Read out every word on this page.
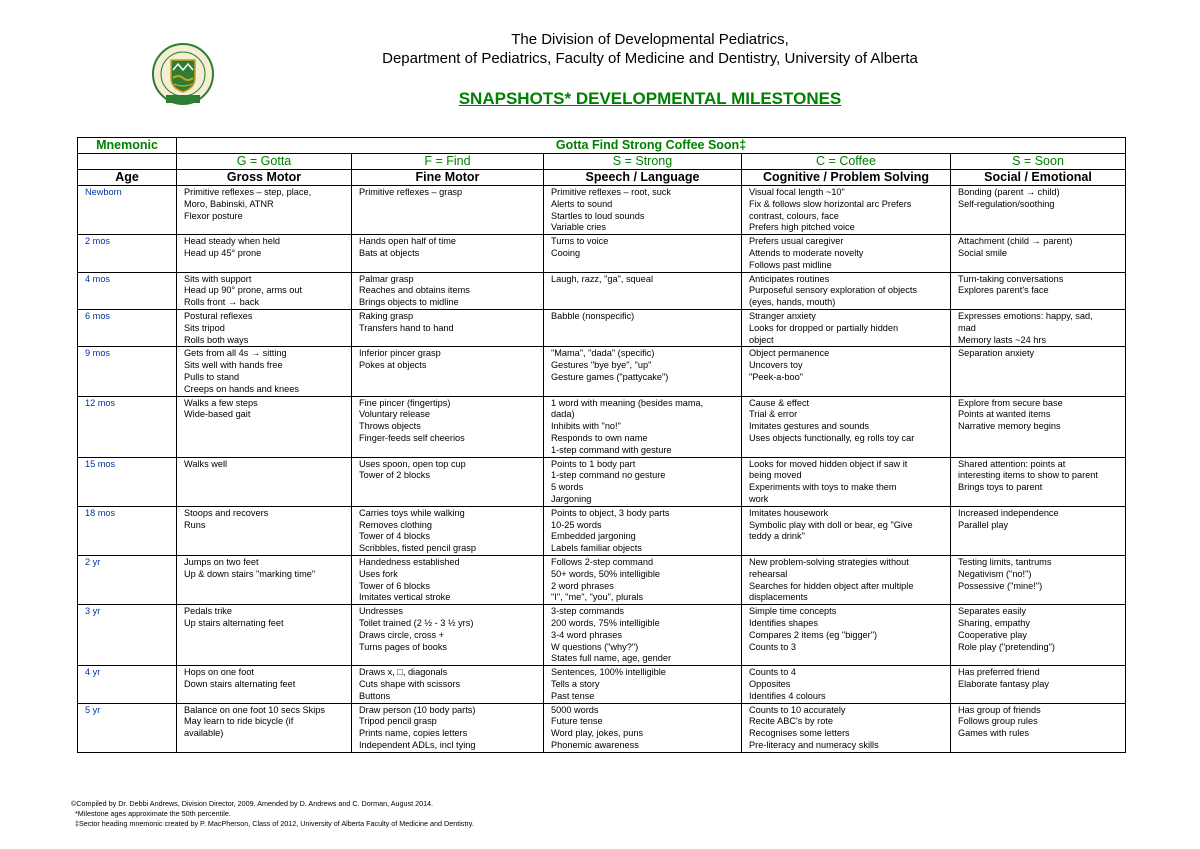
The Division of Developmental Pediatrics,
Department of Pediatrics, Faculty of Medicine and Dentistry, University of Alberta
SNAPSHOTS* DEVELOPMENTAL MILESTONES
Mnemonic	Gotta Find Strong Coffee Soon‡				
	G = Gotta	F = Find	S = Strong	C = Coffee	S = Soon
Age	Gross Motor	Fine Motor	Speech / Language	Cognitive / Problem Solving	Social / Emotional
Newborn	Primitive reflexes – step, place,
Moro, Babinski, ATNR
Flexor posture	Primitive reflexes – grasp	Primitive reflexes – root, suck
Alerts to sound
Startles to loud sounds
Variable cries	Visual focal length ~10"
Fix & follows slow horizontal arc Prefers
contrast, colours, face
Prefers high pitched voice	Bonding (parent → child)
Self-regulation/soothing

2 mos	Head steady when held
Head up 45° prone	Hands open half of time
Bats at objects	Turns to voice
Cooing	Prefers usual caregiver
Attends to moderate novelty
Follows past midline	Attachment (child → parent)
Social smile

4 mos	Sits with support
Head up 90° prone, arms out
Rolls front → back	Palmar grasp
Reaches and obtains items
Brings objects to midline	Laugh, razz, "ga", squeal	Anticipates routines
Purposeful sensory exploration of objects
(eyes, hands, mouth)	Turn-taking conversations
Explores parent's face

6 mos	Postural reflexes
Sits tripod
Rolls both ways	Raking grasp
Transfers hand to hand	Babble (nonspecific)	Stranger anxiety
Looks for dropped or partially hidden
object	Expresses emotions: happy, sad,
mad
Memory lasts ~24 hrs

9 mos	Gets from all 4s → sitting
Sits well with hands free
Pulls to stand
Creeps on hands and knees	Inferior pincer grasp
Pokes at objects	"Mama", "dada" (specific)
Gestures "bye bye", "up"
Gesture games ("pattycake")	Object permanence
Uncovers toy
"Peek-a-boo"	Separation anxiety

12 mos	Walks a few steps
Wide-based gait	Fine pincer (fingertips)
Voluntary release
Throws objects
Finger-feeds self cheerios	1 word with meaning (besides mama,
dada)
Inhibits with "no!"
Responds to own name
1-step command with gesture	Cause & effect
Trial & error
Imitates gestures and sounds
Uses objects functionally, eg rolls toy car	Explore from secure base
Points at wanted items
Narrative memory begins

15 mos	Walks well	Uses spoon, open top cup
Tower of 2 blocks	Points to 1 body part
1-step command no gesture
5 words
Jargoning	Looks for moved hidden object if saw it
being moved
Experiments with toys to make them
work	Shared attention: points at
interesting items to show to parent
Brings toys to parent

18 mos	Stoops and recovers
Runs	Carries toys while walking
Removes clothing
Tower of 4 blocks
Scribbles, fisted pencil grasp	Points to object, 3 body parts
10-25 words
Embedded jargoning
Labels familiar objects	Imitates housework
Symbolic play with doll or bear, eg "Give
teddy a drink"	Increased independence
Parallel play

2 yr	Jumps on two feet
Up & down stairs "marking time"	Handedness established
Uses fork
Tower of 6 blocks
Imitates vertical stroke	Follows 2-step command
50+ words, 50% intelligible
2 word phrases
"I", "me", "you", plurals	New problem-solving strategies without
rehearsal
Searches for hidden object after multiple
displacements	Testing limits, tantrums
Negativism ("no!")
Possessive ("mine!")

3 yr	Pedals trike
Up stairs alternating feet	Undresses
Toilet trained (2 ½ - 3 ½ yrs)
Draws circle, cross +
Turns pages of books	3-step commands
200 words, 75% intelligible
3-4 word phrases
W questions ("why?")
States full name, age, gender	Simple time concepts
Identifies shapes
Compares 2 items (eg "bigger")
Counts to 3	Separates easily
Sharing, empathy
Cooperative play
Role play ("pretending")

4 yr	Hops on one foot
Down stairs alternating feet	Draws x, □, diagonals
Cuts shape with scissors
Buttons	Sentences, 100% intelligible
Tells a story
Past tense	Counts to 4
Opposites
Identifies 4 colours	Has preferred friend
Elaborate fantasy play

5 yr	Balance on one foot 10 secs Skips
May learn to ride bicycle (if
available)	Draw person (10 body parts)
Tripod pencil grasp
Prints name, copies letters
Independent ADLs, incl tying	5000 words
Future tense
Word play, jokes, puns
Phonemic awareness	Counts to 10 accurately
Recite ABC's by rote
Recognises some letters
Pre-literacy and numeracy skills	Has group of friends
Follows group rules
Games with rules
©Compiled by Dr. Debbi Andrews, Division Director, 2009. Amended by D. Andrews and C. Dorman, August 2014.
*Milestone ages approximate the 50th percentile.
‡Sector heading mnemonic created by P. MacPherson, Class of 2012, University of Alberta Faculty of Medicine and Dentistry.
